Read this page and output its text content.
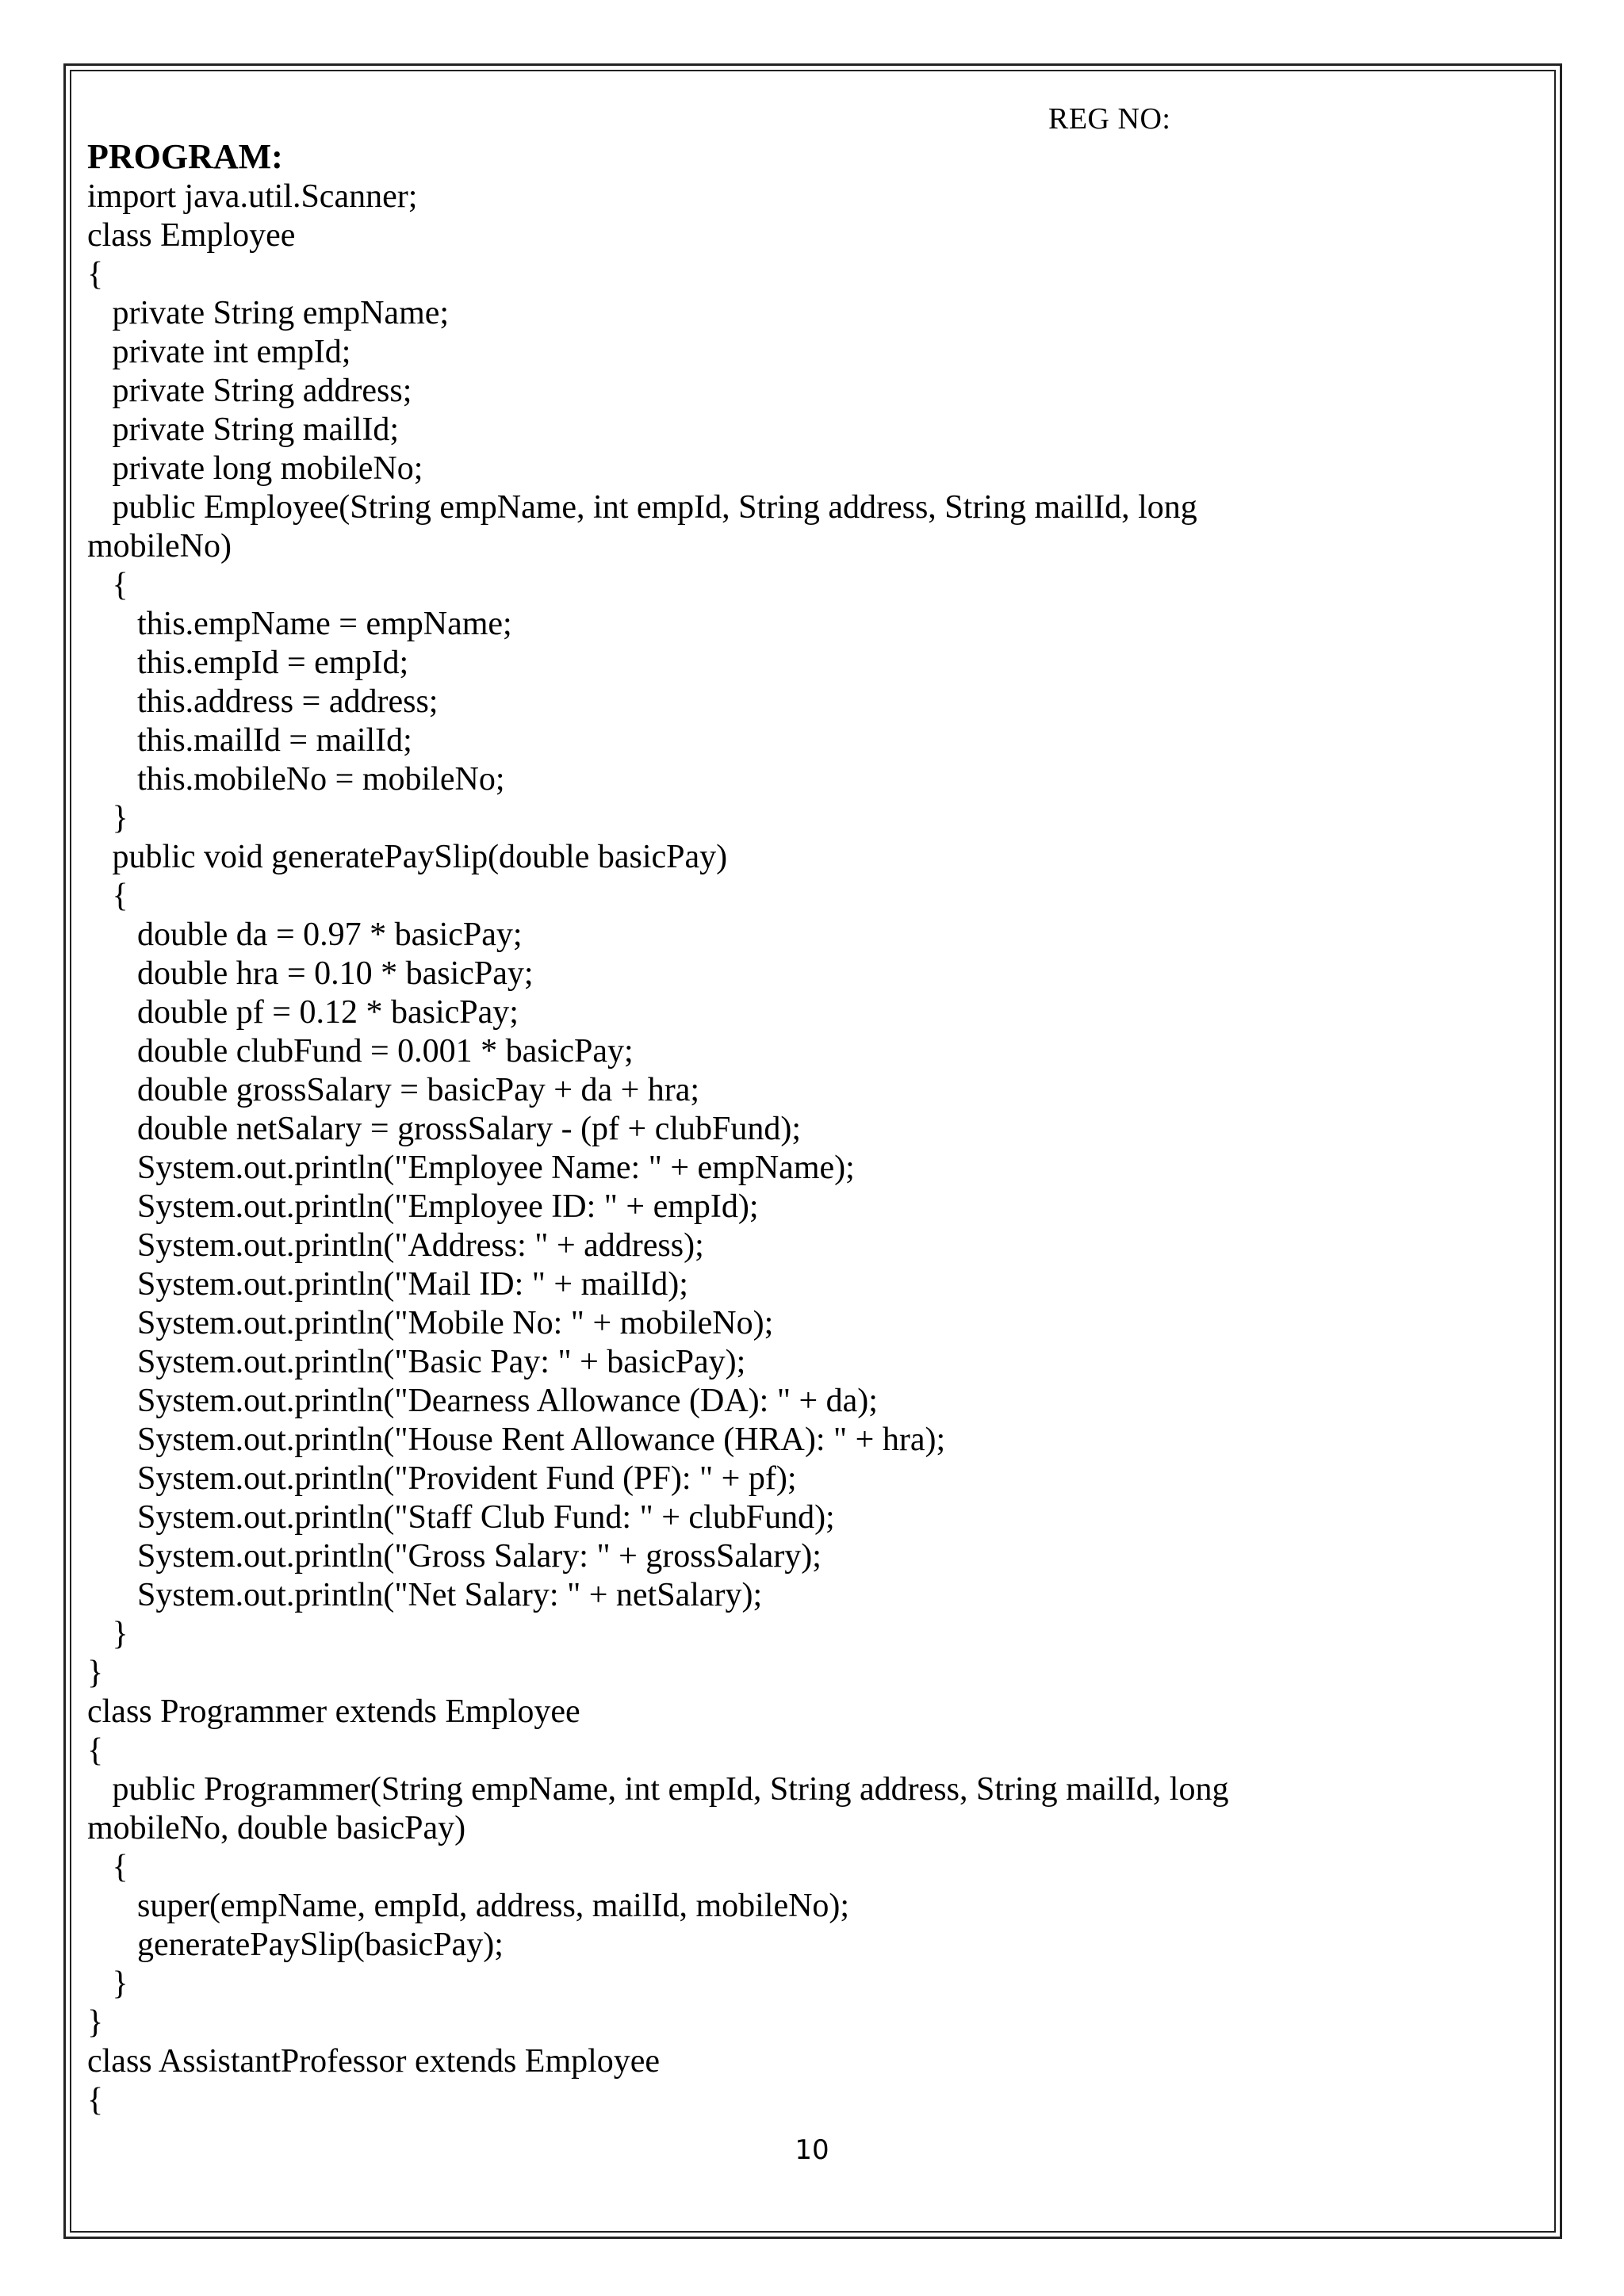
REG NO:
PROGRAM:
import java.util.Scanner;
class Employee
{
private String empName;
private int empId;
private String address;
private String mailId;
private long mobileNo;
public Employee(String empName, int empId, String address, String mailId, long
mobileNo)
{
this.empName = empName;
this.empId = empId;
this.address = address;
this.mailId = mailId;
this.mobileNo = mobileNo;
}
public void generatePaySlip(double basicPay)
{
double da = 0.97 * basicPay;
double hra = 0.10 * basicPay;
double pf = 0.12 * basicPay;
double clubFund = 0.001 * basicPay;
double grossSalary = basicPay + da + hra;
double netSalary = grossSalary - (pf + clubFund);
System.out.println("Employee Name: " + empName);
System.out.println("Employee ID: " + empId);
System.out.println("Address: " + address);
System.out.println("Mail ID: " + mailId);
System.out.println("Mobile No: " + mobileNo);
System.out.println("Basic Pay: " + basicPay);
System.out.println("Dearness Allowance (DA): " + da);
System.out.println("House Rent Allowance (HRA): " + hra);
System.out.println("Provident Fund (PF): " + pf);
System.out.println("Staff Club Fund: " + clubFund);
System.out.println("Gross Salary: " + grossSalary);
System.out.println("Net Salary: " + netSalary);
}
}
class Programmer extends Employee
{
public Programmer(String empName, int empId, String address, String mailId, long
mobileNo, double basicPay)
{
super(empName, empId, address, mailId, mobileNo);
generatePaySlip(basicPay);
}
}
class AssistantProfessor extends Employee
{
10
